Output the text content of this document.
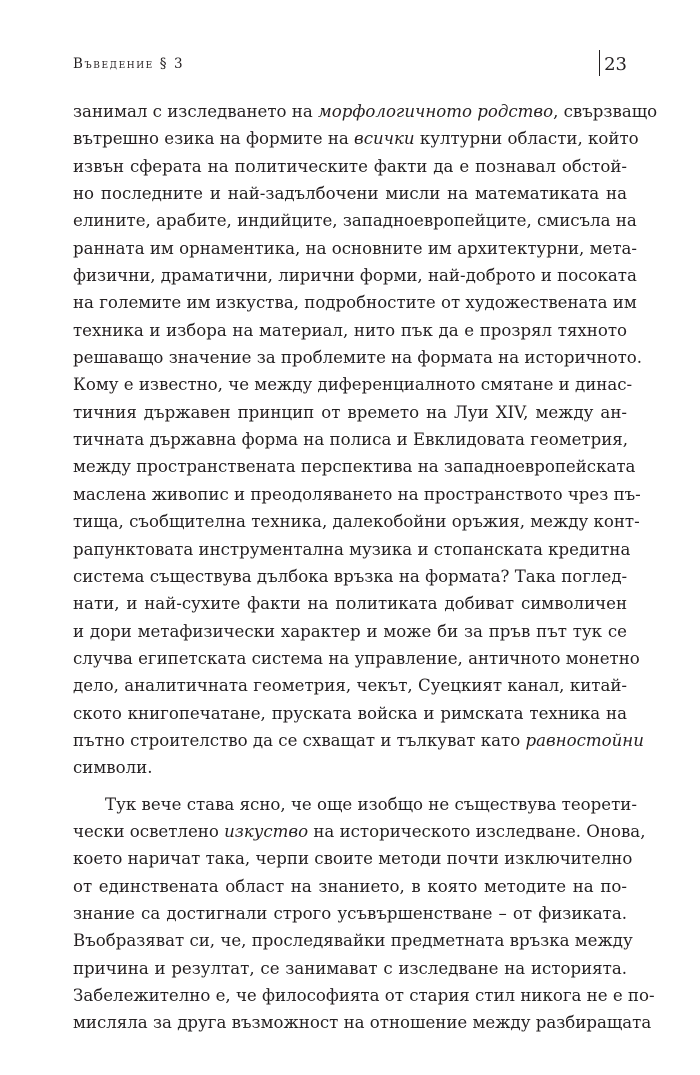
Въведение § 3	23
занимал с изследването на морфологичното родство, свързващо
вътрешно езика на формите на всички културни области, който
извън сферата на политическите факти да е познавал обстой-
но последните и най-задълбочени мисли на математиката на
елините, арабите, индийците, западноевропейците, смисъла на
ранната им орнаментика, на основните им архитектурни, мета-
физични, драматични, лирични форми, най-доброто и посоката
на големите им изкуства, подробностите от художествената им
техника и избора на материал, нито пък да е прозрял тяхното
решаващо значение за проблемите на формата на историчното.
Кому е известно, че между диференциалното смятане и динас-
тичния държавен принцип от времето на Луи XIV, между ан-
тичната държавна форма на полиса и Евклидовата геометрия,
между пространствената перспектива на западноевропейската
маслена живопис и преодоляването на пространството чрез пъ-
тища, съобщителна техника, далекобойни оръжия, между конт-
рапунктовата инструментална музика и стопанската кредитна
система съществува дълбока връзка на формата? Така поглед-
нати, и най-сухите факти на политиката добиват символичен
и дори метафизически характер и може би за пръв път тук се
случва египетската система на управление, античното монетно
дело, аналитичната геометрия, чекът, Суецкият канал, китай-
ското книгопечатане, пруската войска и римската техника на
пътно строителство да се схващат и тълкуват като равностойни
символи.
Тук вече става ясно, че още изобщо не съществува теорети-
чески осветлено изкуство на историческото изследване. Онова,
което наричат така, черпи своите методи почти изключително
от единствената област на знанието, в която методите на по-
знание са достигнали строго усъвършенстване – от физиката.
Въобразяват си, че, проследявайки предметната връзка между
причина и резултат, се занимават с изследване на историята.
Забележително е, че философията от стария стил никога не е по-
мислялa за друга възможност на отношение между разбиращата
